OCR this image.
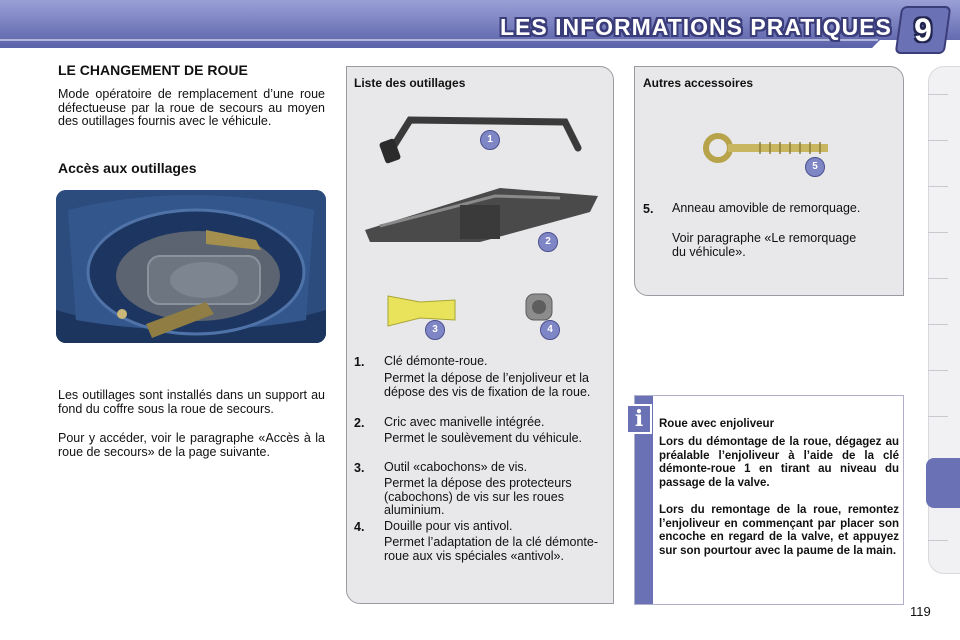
LES INFORMATIONS PRATIQUES 9
LE CHANGEMENT DE ROUE
Mode opératoire de remplacement d’une roue défectueuse par la roue de secours au moyen des outillages fournis avec le véhicule.
Accès aux outillages
Les outillages sont installés dans un support au fond du coffre sous la roue de secours.
Pour y accéder, voir le paragraphe «Accès à la roue de secours» de la page suivante.
Liste des outillages
1
2
3	4
1. Clé démonte-roue.
Permet la dépose de l’enjoliveur et la dépose des vis de fixation de la roue.
2. Cric avec manivelle intégrée.
Permet le soulèvement du véhicule.
3. Outil «cabochons» de vis.
Permet la dépose des protecteurs (cabochons) de vis sur les roues aluminium.
4. Douille pour vis antivol.
Permet l’adaptation de la clé démonte-roue aux vis spéciales «antivol».
Autres accessoires
5
5. Anneau amovible de remorquage.
Voir paragraphe «Le remorquage du véhicule».
i	Roue avec enjoliveur
Lors du démontage de la roue, dégagez au préalable l’enjoliveur à l’aide de la clé démonte-roue 1 en tirant au niveau du passage de la valve.
Lors du remontage de la roue, remontez l’enjoliveur en commençant par placer son encoche en regard de la valve, et appuyez sur son pourtour avec la paume de la main.
119
